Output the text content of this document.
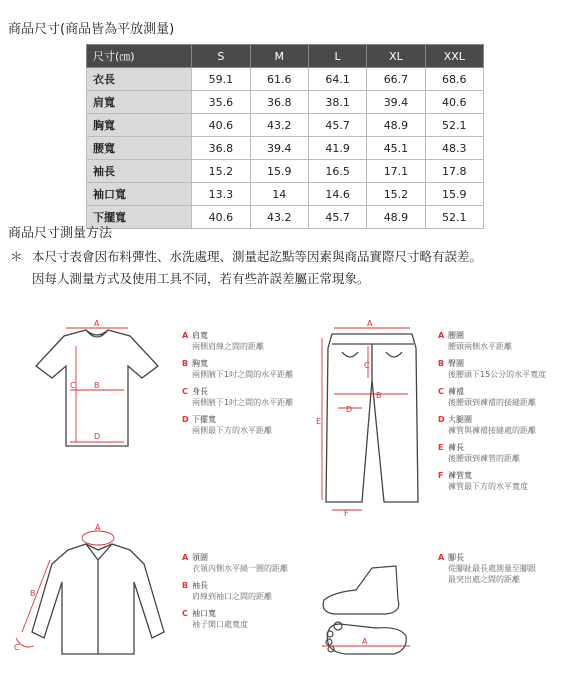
商品尺寸(商品皆為平放測量)
尺寸(㎝)	S	M	L	XL	XXL
衣長	59.1	61.6	64.1	66.7	68.6
肩寬	35.6	36.8	38.1	39.4	40.6
胸寬	40.6	43.2	45.7	48.9	52.1
腰寬	36.8	39.4	41.9	45.1	48.3
袖長	15.2	15.9	16.5	17.1	17.8
袖口寬	13.3	14	14.6	15.2	15.9
下擺寬	40.6	43.2	45.7	48.9	52.1
商品尺寸測量方法
＊ 本尺寸表會因布料彈性、水洗處理、測量起訖點等因素與商品實際尺寸略有誤差。
因每人測量方式及使用工具不同，若有些許誤差屬正常現象。
A
B
C
D
A 肩寬
兩側肩線之間的距離
B 胸寬
兩側腋下1吋之間的水平距離
C 身長
兩側腋下1吋之間的水平距離
D 下擺寬
兩側最下方的水平距離
A
B
C
D
E
F
A 腰圍
腰頭兩側水平距離
B 臀圍
後腰頭下15公分的水平寬度
C 褲襠
後腰頭到褲襠的接縫距離
D 大腿圍
褲管與褲襠接縫處的距離
E 褲長
後腰頭到褲管的距離
F 褲管寬
褲管最下方的水平寬度
A
B
C
A 領圍
衣領內側水平繞一圈的距離
B 袖長
肩線到袖口之間的距離
C 袖口寬
袖子開口處寬度
A
A 腳長
從腳趾最長處測量至腳跟
最突出處之間的距離
